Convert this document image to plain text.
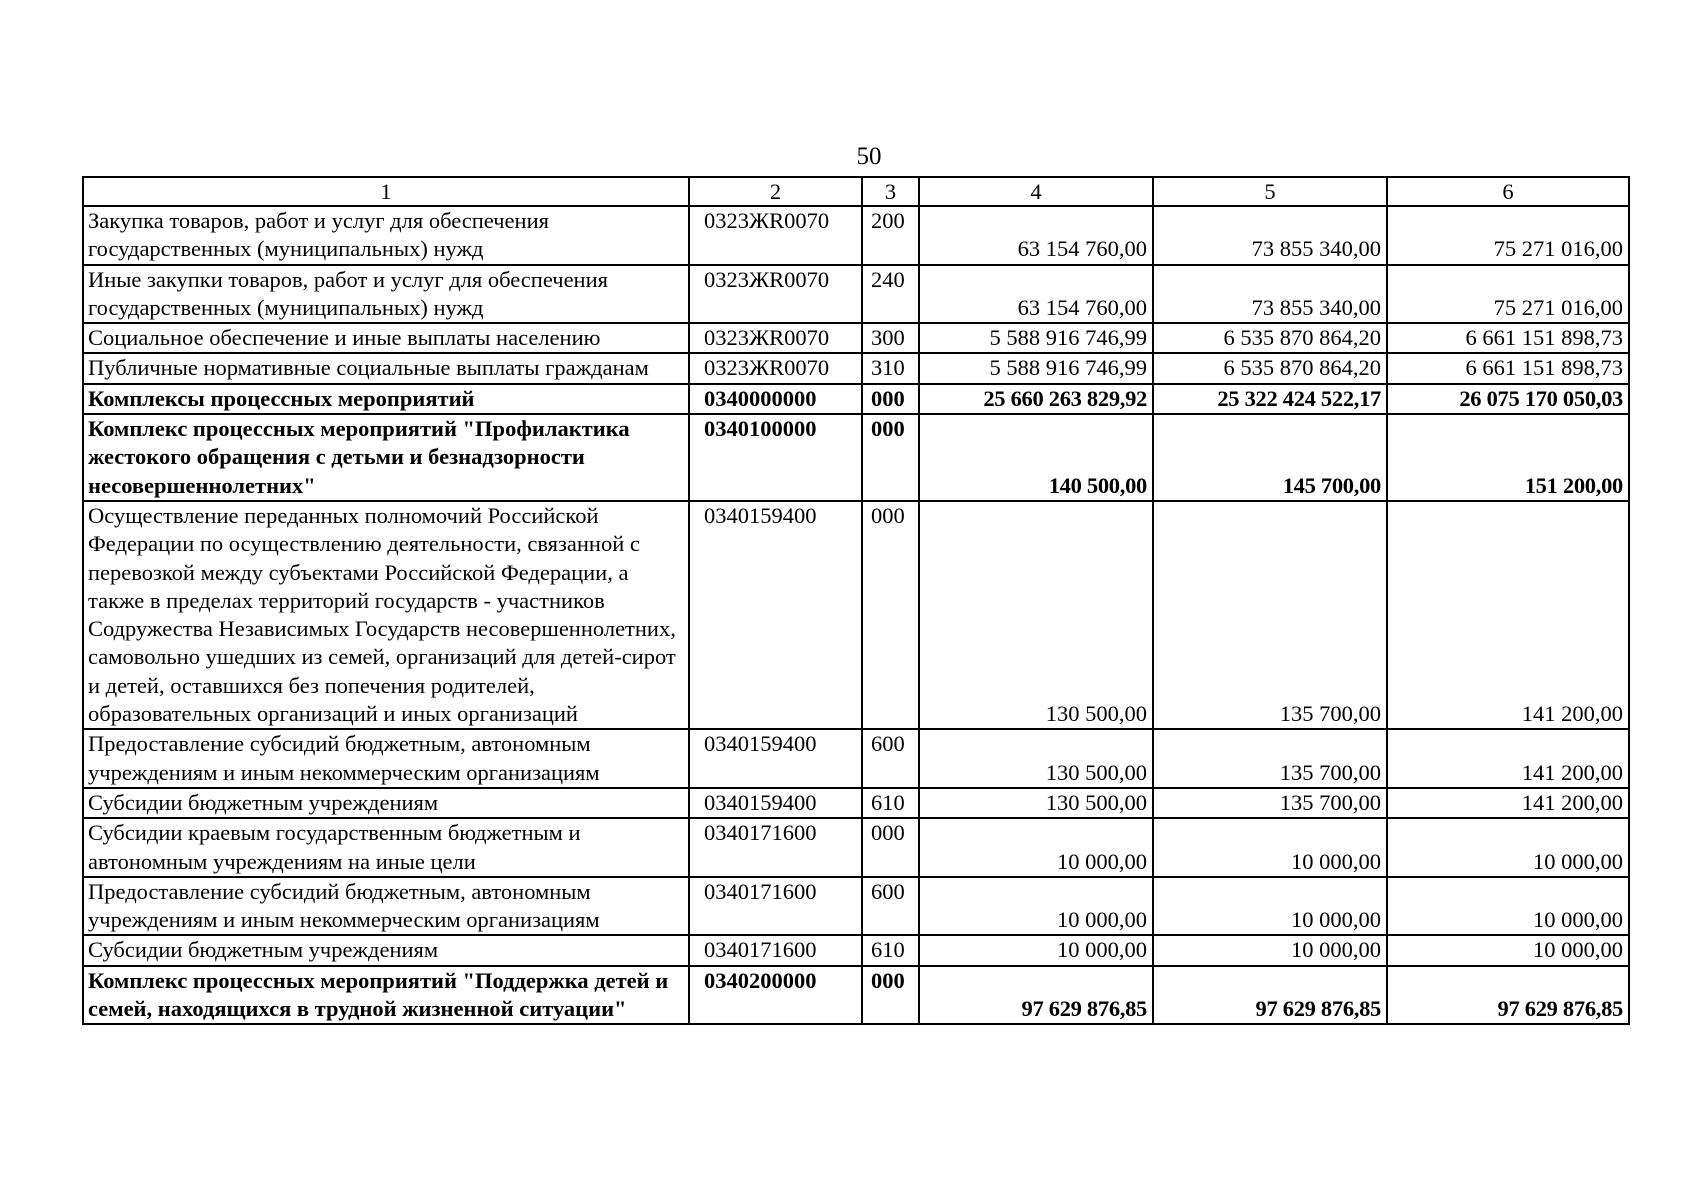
50
1	2	3	4	5	6
Закупка товаров, работ и услуг для обеспечения государственных (муниципальных) нужд	0323ЖR0070	200	63 154 760,00	73 855 340,00	75 271 016,00
Иные закупки товаров, работ и услуг для обеспечения государственных (муниципальных) нужд	0323ЖR0070	240	63 154 760,00	73 855 340,00	75 271 016,00
Социальное обеспечение и иные выплаты населению	0323ЖR0070	300	5 588 916 746,99	6 535 870 864,20	6 661 151 898,73
Публичные нормативные социальные выплаты гражданам	0323ЖR0070	310	5 588 916 746,99	6 535 870 864,20	6 661 151 898,73
Комплексы процессных мероприятий	0340000000	000	25 660 263 829,92	25 322 424 522,17	26 075 170 050,03
Комплекс процессных мероприятий "Профилактика жестокого обращения с детьми и безнадзорности несовершеннолетних"	0340100000	000	140 500,00	145 700,00	151 200,00
Осуществление переданных полномочий Российской Федерации по осуществлению деятельности, связанной с перевозкой между субъектами Российской Федерации, а также в пределах территорий государств - участников Содружества Независимых Государств несовершеннолетних, самовольно ушедших из семей, организаций для детей-сирот и детей, оставшихся без попечения родителей, образовательных организаций и иных организаций	0340159400	000	130 500,00	135 700,00	141 200,00
Предоставление субсидий бюджетным, автономным учреждениям и иным некоммерческим организациям	0340159400	600	130 500,00	135 700,00	141 200,00
Субсидии бюджетным учреждениям	0340159400	610	130 500,00	135 700,00	141 200,00
Субсидии краевым государственным бюджетным и автономным учреждениям на иные цели	0340171600	000	10 000,00	10 000,00	10 000,00
Предоставление субсидий бюджетным, автономным учреждениям и иным некоммерческим организациям	0340171600	600	10 000,00	10 000,00	10 000,00
Субсидии бюджетным учреждениям	0340171600	610	10 000,00	10 000,00	10 000,00
Комплекс процессных мероприятий "Поддержка детей и семей, находящихся в трудной жизненной ситуации"	0340200000	000	97 629 876,85	97 629 876,85	97 629 876,85
